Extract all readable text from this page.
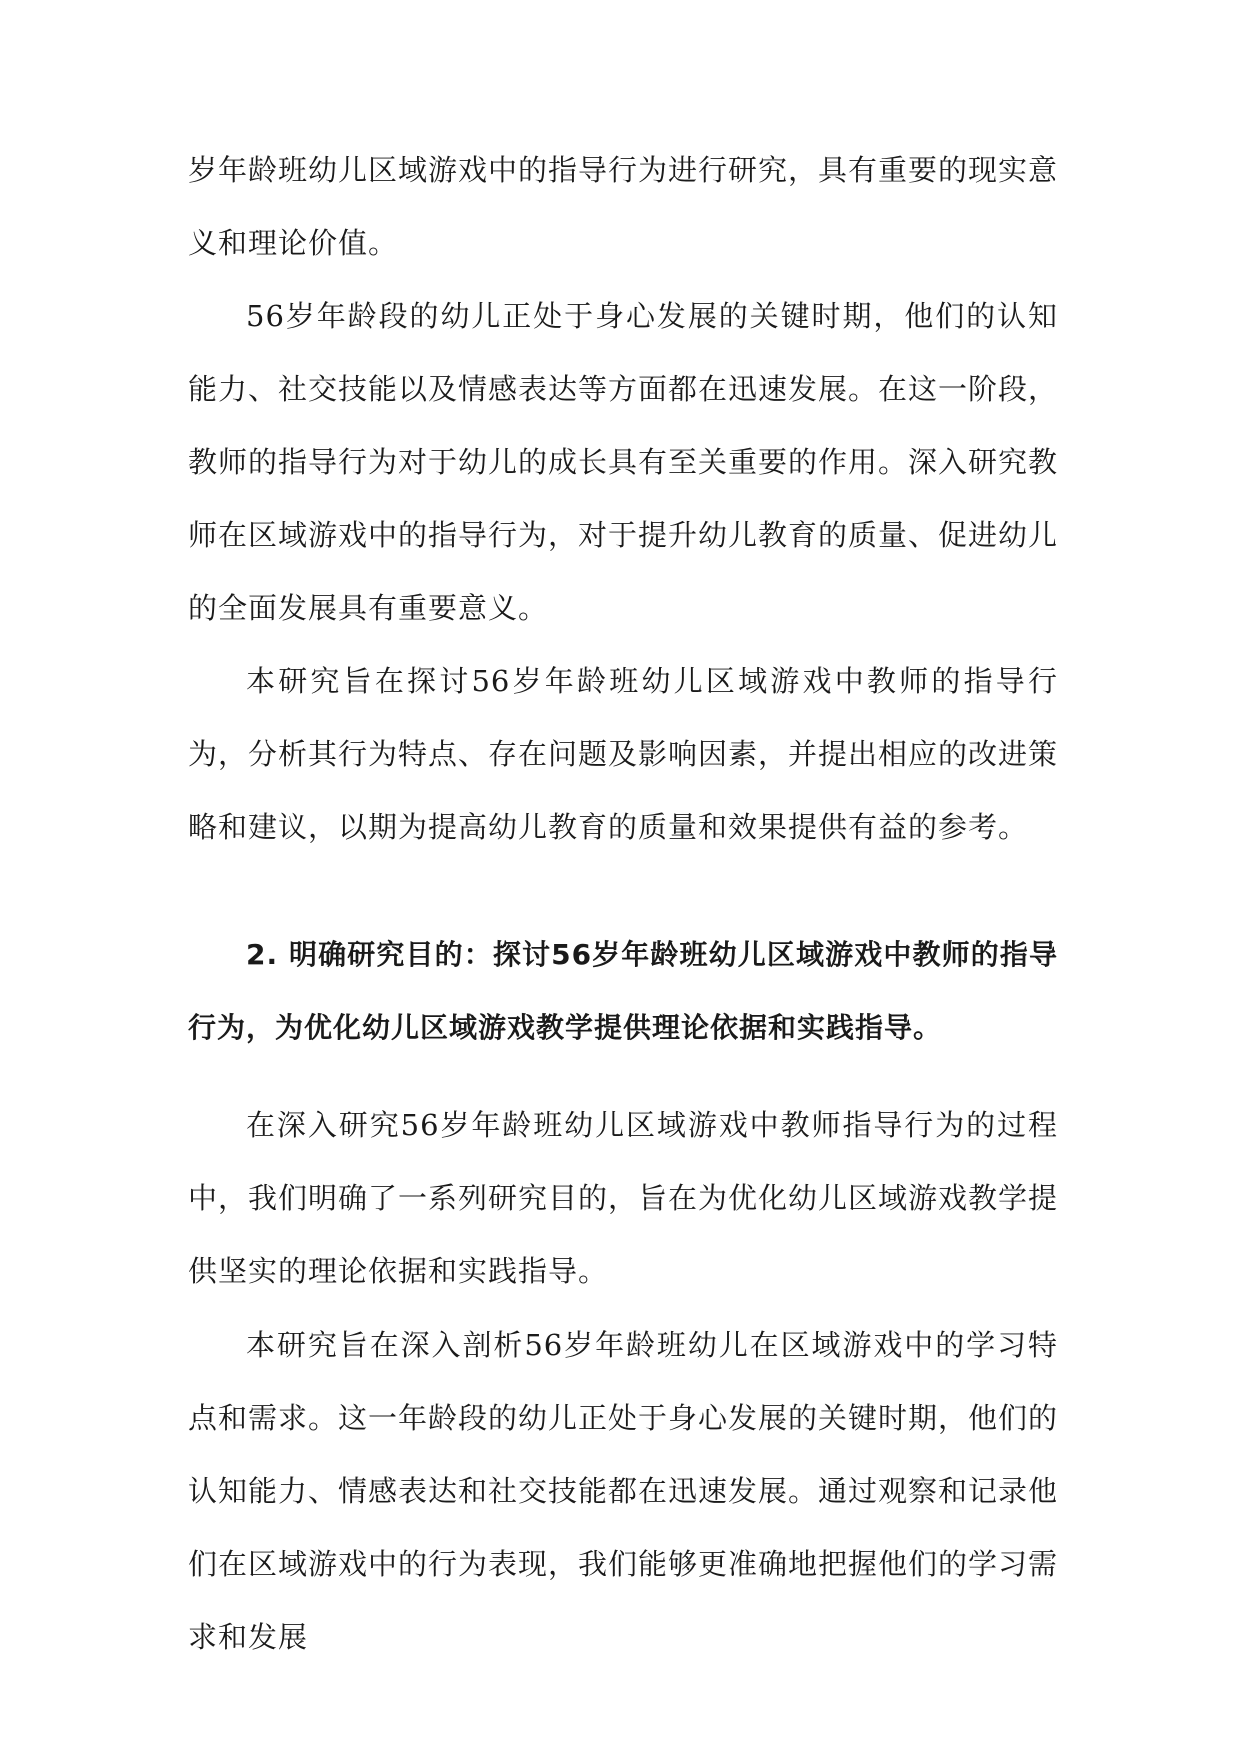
岁年龄班幼儿区域游戏中的指导行为进行研究，具有重要的现实意义和理论价值。

56岁年龄段的幼儿正处于身心发展的关键时期，他们的认知能力、社交技能以及情感表达等方面都在迅速发展。在这一阶段，教师的指导行为对于幼儿的成长具有至关重要的作用。深入研究教师在区域游戏中的指导行为，对于提升幼儿教育的质量、促进幼儿的全面发展具有重要意义。

本研究旨在探讨56岁年龄班幼儿区域游戏中教师的指导行为，分析其行为特点、存在问题及影响因素，并提出相应的改进策略和建议，以期为提高幼儿教育的质量和效果提供有益的参考。

2. 明确研究目的：探讨56岁年龄班幼儿区域游戏中教师的指导行为，为优化幼儿区域游戏教学提供理论依据和实践指导。

在深入研究56岁年龄班幼儿区域游戏中教师指导行为的过程中，我们明确了一系列研究目的，旨在为优化幼儿区域游戏教学提供坚实的理论依据和实践指导。

本研究旨在深入剖析56岁年龄班幼儿在区域游戏中的学习特点和需求。这一年龄段的幼儿正处于身心发展的关键时期，他们的认知能力、情感表达和社交技能都在迅速发展。通过观察和记录他们在区域游戏中的行为表现，我们能够更准确地把握他们的学习需求和发展
